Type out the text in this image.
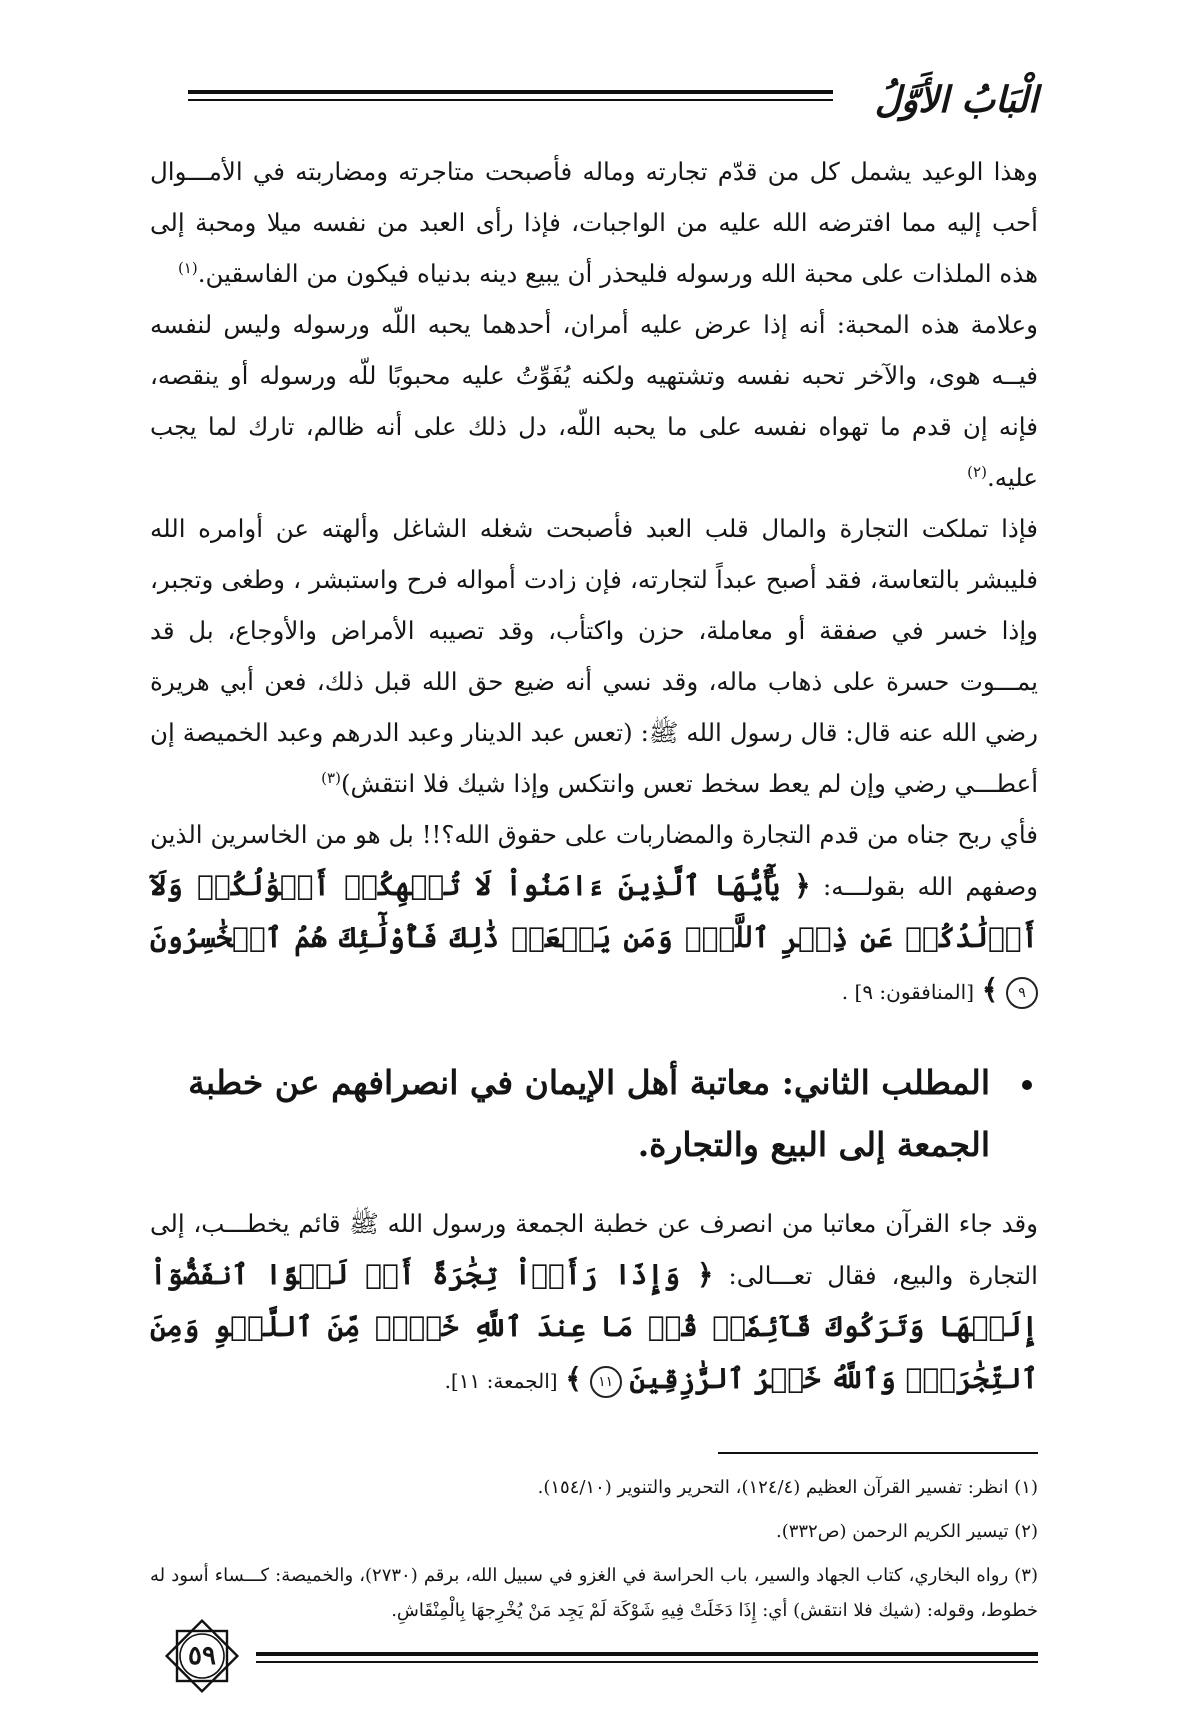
الْبَابُ الأَوَّلُ

وهذا الوعيد يشمل كل من قدّم تجارته وماله فأصبحت متاجرته ومضاربته في الأمـــوال أحب إليه مما افترضه الله عليه من الواجبات، فإذا رأى العبد من نفسه ميلا ومحبة إلى هذه الملذات على محبة الله ورسوله فليحذر أن يبيع دينه بدنياه فيكون من الفاسقين.$^{(١)}$

وعلامة هذه المحبة: أنه إذا عرض عليه أمران، أحدهما يحبه اللّه ورسوله وليس لنفسه فيــه هوى، والآخر تحبه نفسه وتشتهيه ولكنه يُفَوِّتُ عليه محبوبًا للّه ورسوله أو ينقصه، فإنه إن قدم ما تهواه نفسه على ما يحبه اللّه، دل ذلك على أنه ظالم، تارك لما يجب عليه.$^{(٢)}$

فإذا تملكت التجارة والمال قلب العبد فأصبحت شغله الشاغل وألهته عن أوامره الله فليبشر بالتعاسة، فقد أصبح عبداً لتجارته، فإن زادت أمواله فرح واستبشر ، وطغى وتجبر، وإذا خسر في صفقة أو معاملة، حزن واكتأب، وقد تصيبه الأمراض والأوجاع، بل قد يمـــوت حسرة على ذهاب ماله، وقد نسي أنه ضيع حق الله قبل ذلك، فعن أبي هريرة رضي الله عنه قال: قال رسول الله ﷺ: (تعس عبد الدينار وعبد الدرهم وعبد الخميصة إن أعطـــي رضي وإن لم يعط سخط تعس وانتكس وإذا شيك فلا انتقش)$^{(٣)}$

فأي ربح جناه من قدم التجارة والمضاربات على حقوق الله؟!! بل هو من الخاسرين الذين وصفهم الله بقولـــه: ﴿ يَٰٓأَيُّهَا ٱلَّذِينَ ءَامَنُواْ لَا تُلۡهِكُمۡ أَمۡوَٰلُكُمۡ وَلَآ أَوۡلَٰدُكُمۡ عَن ذِكۡرِ ٱللَّهِۚ وَمَن يَفۡعَلۡ ذَٰلِكَ فَأُوْلَٰٓئِكَ هُمُ ٱلۡخَٰسِرُونَ ٩ ﴾ [المنافقون: ٩] .

المطلب الثاني: معاتبة أهل الإيمان في انصرافهم عن خطبة الجمعة إلى البيع والتجارة.

وقد جاء القرآن معاتبا من انصرف عن خطبة الجمعة ورسول الله ﷺ قائم يخطـــب، إلى التجارة والبيع، فقال تعـــالى: ﴿ وَإِذَا رَأَوۡاْ تِجَٰرَةً أَوۡ لَهۡوًا ٱنفَضُّوٓاْ إِلَيۡهَا وَتَرَكُوكَ قَآئِمٗاۚ قُلۡ مَا عِندَ ٱللَّهِ خَيۡرٞ مِّنَ ٱللَّهۡوِ وَمِنَ ٱلتِّجَٰرَةِۚ وَٱللَّهُ خَيۡرُ ٱلرَّٰزِقِينَ ١١ ﴾ [الجمعة: ١١].

(١) انظر: تفسير القرآن العظيم (١٢٤/٤)، التحرير والتنوير (١٥٤/١٠).

(٢) تيسير الكريم الرحمن (ص٣٣٢).

(٣) رواه البخاري، كتاب الجهاد والسير، باب الحراسة في الغزو في سبيل الله، برقم (٢٧٣٠)، والخميصة: كـــساء أسود له خطوط، وقوله: (شيك فلا انتقش) أي: إِذَا دَخَلَتْ فِيهِ شَوْكَة لَمْ يَجِد مَنْ يُخْرِجهَا بِالْمِنْقَاشِ.

٥٩
